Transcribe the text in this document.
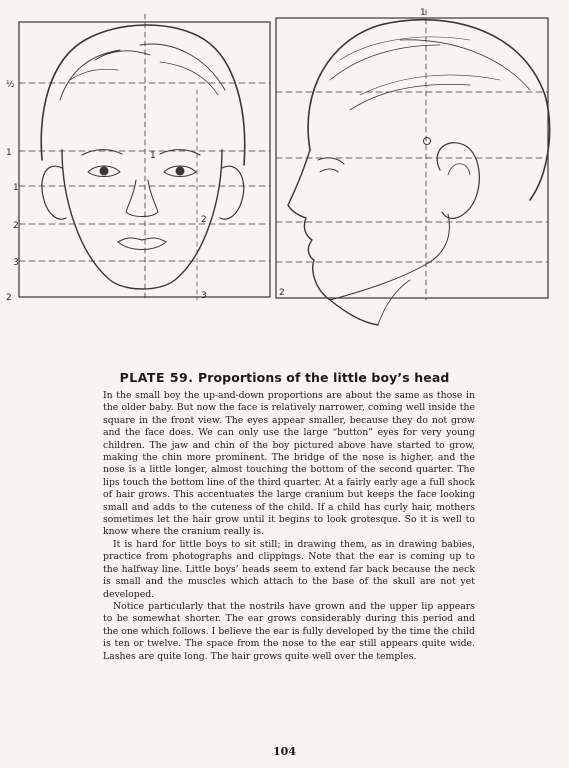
½
1
1
2
3
2
1
2
3
1
2
PLATE 59. Proportions of the little boy’s head

In the small boy the up-and-down proportions are about the same as those in the older baby. But now the face is relatively narrower, coming well inside the square in the front view. The eyes appear smaller, because they do not grow and the face does. We can only use the large “button” eyes for very young children. The jaw and chin of the boy pictured above have started to grow, making the chin more prominent. The bridge of the nose is higher, and the nose is a little longer, almost touching the bottom of the second quarter. The lips touch the bottom line of the third quarter. At a fairly early age a full shock of hair grows. This accentuates the large cranium but keeps the face looking small and adds to the cuteness of the child. If a child has curly hair, mothers sometimes let the hair grow until it begins to look grotesque. So it is well to know where the cranium really is.

It is hard for little boys to sit still; in drawing them, as in drawing babies, practice from photographs and clippings. Note that the ear is coming up to the halfway line. Little boys’ heads seem to extend far back because the neck is small and the muscles which attach to the base of the skull are not yet developed.

Notice particularly that the nostrils have grown and the upper lip appears to be somewhat shorter. The ear grows considerably during this period and the one which follows. I believe the ear is fully developed by the time the child is ten or twelve. The space from the nose to the ear still appears quite wide. Lashes are quite long. The hair grows quite well over the temples.

104
